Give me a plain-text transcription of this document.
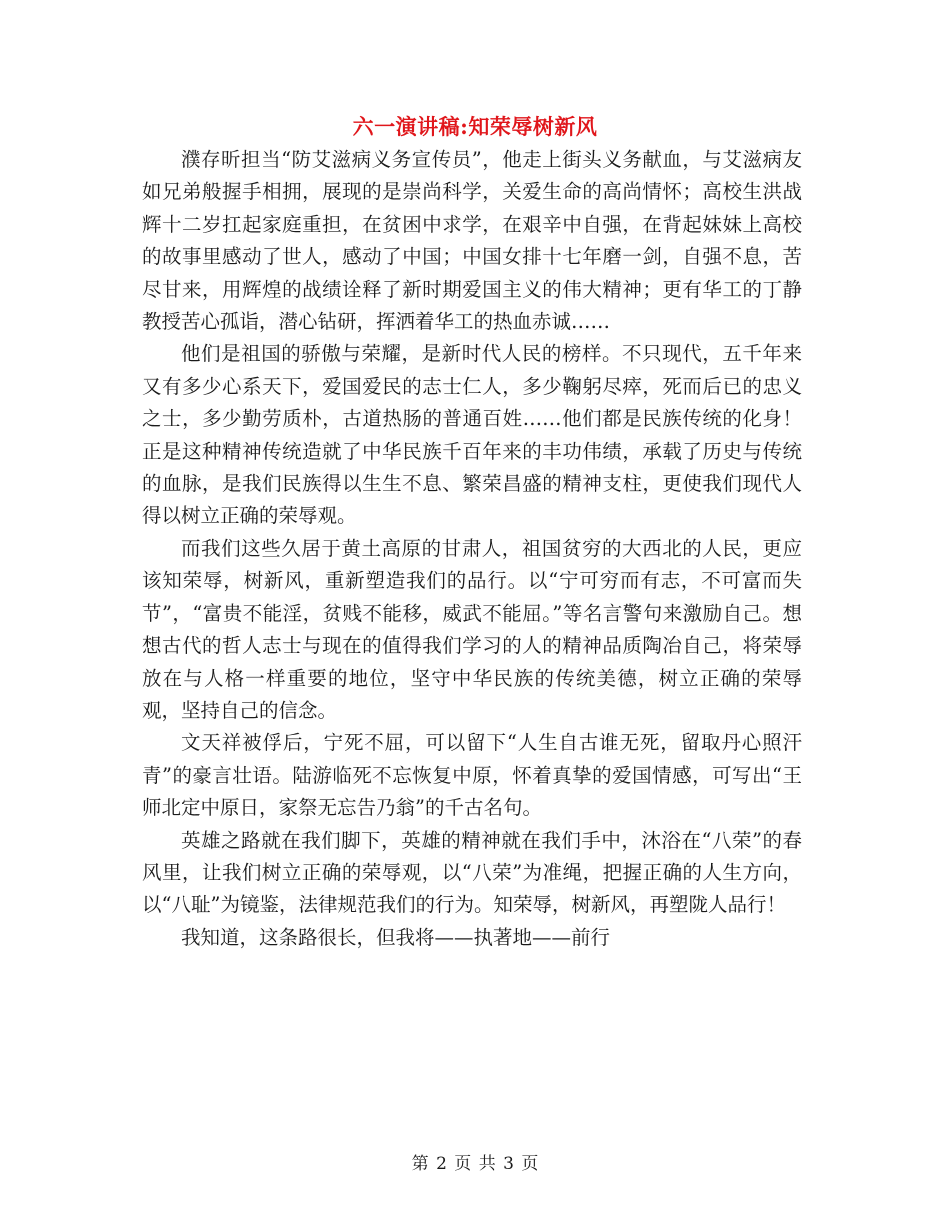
六一演讲稿:知荣辱树新风

濮存昕担当“防艾滋病义务宣传员”，他走上街头义务献血，与艾滋病友如兄弟般握手相拥，展现的是崇尚科学，关爱生命的高尚情怀；高校生洪战辉十二岁扛起家庭重担，在贫困中求学，在艰辛中自强，在背起妹妹上高校的故事里感动了世人，感动了中国；中国女排十七年磨一剑，自强不息，苦尽甘来，用辉煌的战绩诠释了新时期爱国主义的伟大精神；更有华工的丁静教授苦心孤诣，潜心钻研，挥洒着华工的热血赤诚……

他们是祖国的骄傲与荣耀，是新时代人民的榜样。不只现代，五千年来又有多少心系天下，爱国爱民的志士仁人，多少鞠躬尽瘁，死而后已的忠义之士，多少勤劳质朴，古道热肠的普通百姓……他们都是民族传统的化身！正是这种精神传统造就了中华民族千百年来的丰功伟绩，承载了历史与传统的血脉，是我们民族得以生生不息、繁荣昌盛的精神支柱，更使我们现代人得以树立正确的荣辱观。

而我们这些久居于黄土高原的甘肃人，祖国贫穷的大西北的人民，更应该知荣辱，树新风，重新塑造我们的品行。以“宁可穷而有志，不可富而失节”，“富贵不能淫，贫贱不能移，威武不能屈。”等名言警句来激励自己。想想古代的哲人志士与现在的值得我们学习的人的精神品质陶冶自己，将荣辱放在与人格一样重要的地位，坚守中华民族的传统美德，树立正确的荣辱观，坚持自己的信念。

文天祥被俘后，宁死不屈，可以留下“人生自古谁无死，留取丹心照汗青”的豪言壮语。陆游临死不忘恢复中原，怀着真挚的爱国情感，可写出“王师北定中原日，家祭无忘告乃翁”的千古名句。

英雄之路就在我们脚下，英雄的精神就在我们手中，沐浴在“八荣”的春风里，让我们树立正确的荣辱观，以“八荣”为准绳，把握正确的人生方向，以“八耻”为镜鉴，法律规范我们的行为。知荣辱，树新风，再塑陇人品行！

我知道，这条路很长，但我将——执著地——前行

第 2 页 共 3 页
